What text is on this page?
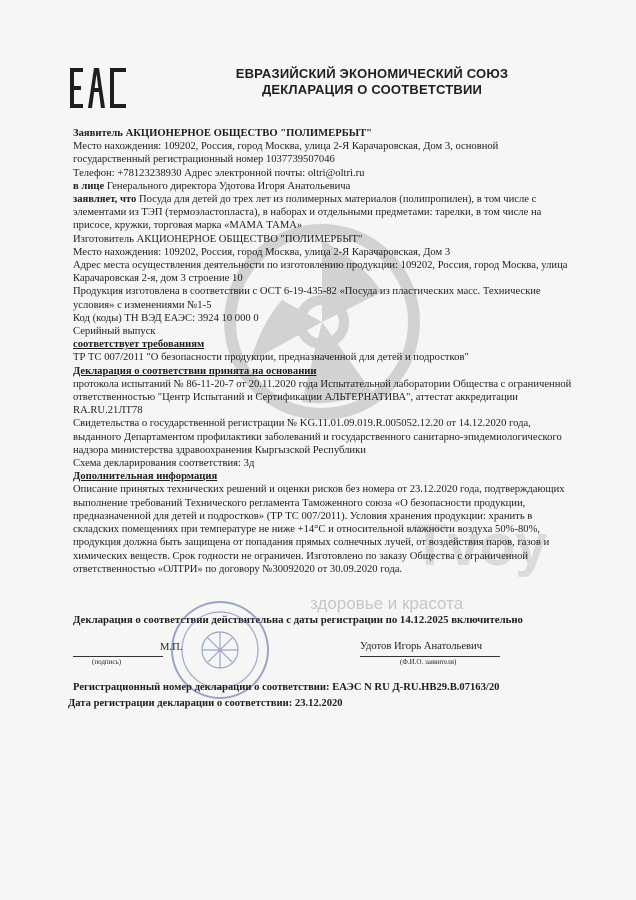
Tvoy
здоровье и красота
ЕВРАЗИЙСКИЙ ЭКОНОМИЧЕСКИЙ СОЮЗ
ДЕКЛАРАЦИЯ О СООТВЕТСТВИИ

Заявитель АКЦИОНЕРНОЕ ОБЩЕСТВО "ПОЛИМЕРБЫТ"

Место нахождения: 109202, Россия, город Москва, улица 2-Я Карачаровская, Дом 3, основной государственный регистрационный номер 1037739507046

Телефон: +78123238930 Адрес электронной почты: oltri@oltri.ru

в лице Генерального директора Удотова Игоря Анатольевича

заявляет, что Посуда для детей до трех лет из полимерных материалов (полипропилен), в том числе с элементами из ТЭП (термоэластопласта), в наборах и отдельными предметами: тарелки, в том числе на присосе, кружки, торговая марка «МАМА ТАМА»

Изготовитель АКЦИОНЕРНОЕ ОБЩЕСТВО "ПОЛИМЕРБЫТ"

Место нахождения: 109202, Россия, город Москва, улица 2-Я Карачаровская, Дом 3

Адрес места осуществления деятельности по изготовлению продукции: 109202, Россия, город Москва, улица Карачаровская 2-я, дом 3 строение 10

Продукция изготовлена в соответствии с ОСТ 6-19-435-82 «Посуда из пластических масс. Технические условия» с изменениями №1-5

Код (коды) ТН ВЭД ЕАЭС: 3924 10 000 0

Серийный выпуск

соответствует требованиям

ТР ТС 007/2011 "О безопасности продукции, предназначенной для детей и подростков"

Декларация о соответствии принята на основании

протокола испытаний № 86-11-20-7 от 20.11.2020 года Испытательной лаборатории Общества с ограниченной ответственностью "Центр Испытаний и Сертификации АЛЬТЕРНАТИВА", аттестат аккредитации RA.RU.21ЛТ78

Свидетельства о государственной регистрации № KG.11.01.09.019.R.005052.12.20 от 14.12.2020 года, выданного Департаментом профилактики заболеваний и государственного санитарно-эпидемиологического надзора министерства здравоохранения Кыргызской Республики

Схема декларирования соответствия: 3д

Дополнительная информация

Описание принятых технических решений и оценки рисков без номера от 23.12.2020 года, подтверждающих выполнение требований Технического регламента Таможенного союза «О безопасности продукции, предназначенной для детей и подростков» (ТР ТС 007/2011). Условия хранения продукции: хранить в складских помещениях при температуре не ниже +14°С и относительной влажности воздуха 50%-80%, продукция должна быть защищена от попадания прямых солнечных лучей, от воздействия паров, газов и химических веществ. Срок годности не ограничен. Изготовлено по заказу Общества с ограниченной ответственностью «ОЛТРИ» по договору №30092020 от 30.09.2020 года.

Декларация о соответствии действительна с даты регистрации по 14.12.2025 включительно
М.П.	Удотов Игорь Анатольевич
(подпись)	(Ф.И.О. заявителя)
Регистрационный номер декларации о соответствии: ЕАЭС N RU Д-RU.HB29.B.07163/20
Дата регистрации декларации о соответствии: 23.12.2020
